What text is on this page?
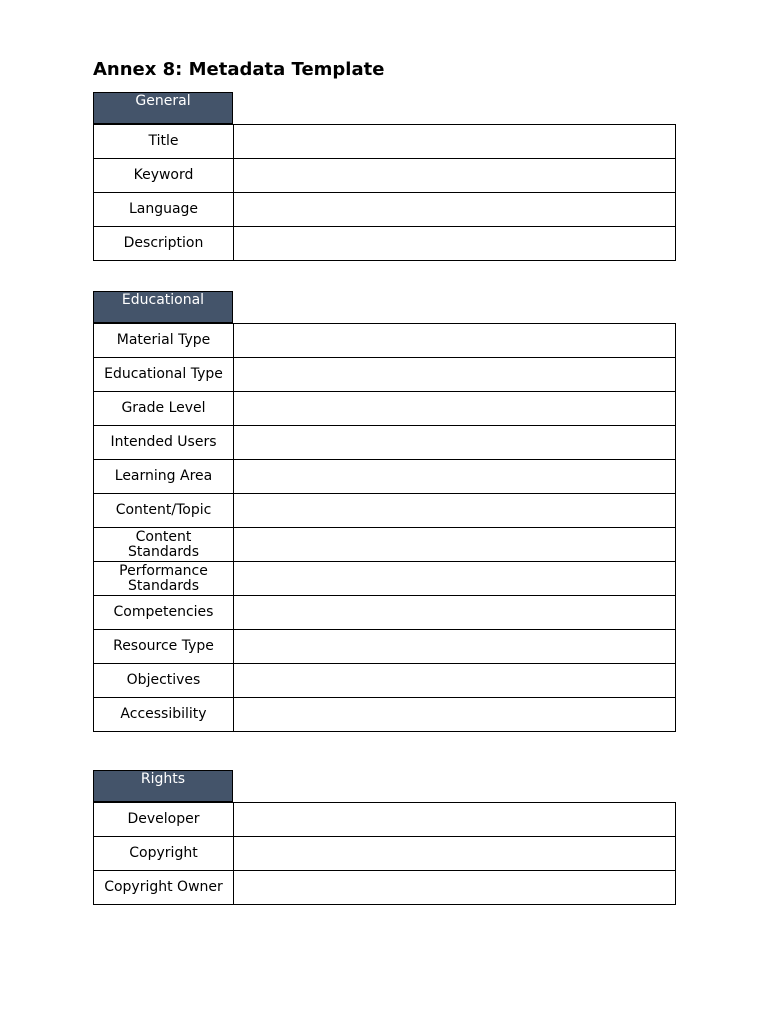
Annex 8: Metadata Template
General
Title	
Keyword	
Language	
Description	
Educational
Material Type	
Educational Type	
Grade Level	
Intended Users	
Learning Area	
Content/Topic	
Content Standards	
Performance Standards	
Competencies	
Resource Type	
Objectives	
Accessibility	
Rights
Developer	
Copyright	
Copyright Owner	
